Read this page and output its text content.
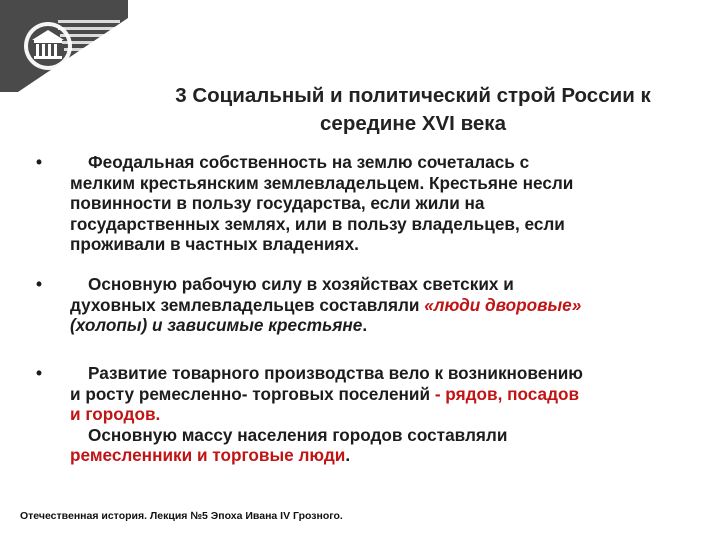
3 Социальный и политический строй России к
середине XVI века
•	Феодальная собственность на землю сочеталась с
мелким крестьянским землевладельцем. Крестьяне несли
повинности в пользу государства, если жили на
государственных землях, или в пользу владельцев, если
проживали в частных владениях.
•	Основную рабочую силу в хозяйствах светских и
духовных землевладельцев составляли «люди дворовые»
(холопы) и зависимые крестьяне.
•	Развитие товарного производства вело к возникновению
и росту ремесленно- торговых поселений - рядов, посадов
и городов.
Основную массу населения городов составляли
ремесленники и торговые люди.
Отечественная история. Лекция №5 Эпоха Ивана IV Грозного.
